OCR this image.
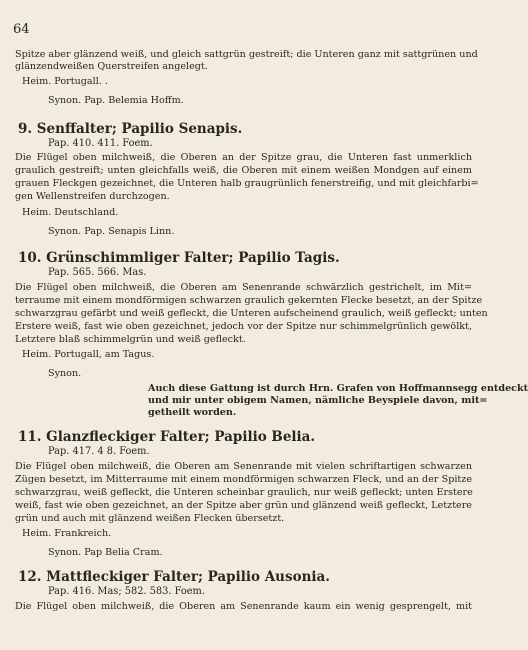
64
Spitze aber glänzend weiß, und gleich sattgrün gestreift; die Unteren ganz mit sattgrünen und
glänzendweißen Querstreifen angelegt.
Heim. Portugall. .
Synon. Pap. Belemia Hoffm.
9. Senffalter; Papilio Senapis.
Pap. 410. 411. Foem.
Die Flügel oben milchweiß, die Oberen an der Spitze grau, die Unteren fast unmerklich
graulich gestreift; unten gleichfalls weiß, die Oberen mit einem weißen Mondgen auf einem
grauen Fleckgen gezeichnet, die Unteren halb graugrünlich fenerstreifig, und mit gleichfarbi=
gen Wellenstreifen durchzogen.
Heim. Deutschland.
Synon. Pap. Senapis Linn.
10. Grünschimmliger Falter; Papilio Tagis.
Pap. 565. 566. Mas.
Die Flügel oben milchweiß, die Oberen am Senenrande schwärzlich gestrichelt, im Mit=
terraume mit einem mondförmigen schwarzen graulich gekernten Flecke besetzt, an der Spitze
schwarzgrau gefärbt und weiß gefleckt, die Unteren aufscheinend graulich, weiß gefleckt; unten
Erstere weiß, fast wie oben gezeichnet, jedoch vor der Spitze nur schimmelgrünlich gewölkt,
Letztere blaß schimmelgrün und weiß gefleckt.
Heim. Portugall, am Tagus.
Synon.
Auch diese Gattung ist durch Hrn. Grafen von Hoffmannsegg entdeckt
und mir unter obigem Namen, nämliche Beyspiele davon, mit=
getheilt worden.
11. Glanzfleckiger Falter; Papilio Belia.
Pap. 417. 4 8. Foem.
Die Flügel oben milchweiß, die Oberen am Senenrande mit vielen schriftartigen schwarzen
Zügen besetzt, im Mitterraume mit einem mondförmigen schwarzen Fleck, und an der Spitze
schwarzgrau, weiß gefleckt, die Unteren scheinbar graulich, nur weiß gefleckt; unten Erstere
weiß, fast wie oben gezeichnet, an der Spitze aber grün und glänzend weiß gefleckt, Letztere
grün und auch mit glänzend weißen Flecken übersetzt.
Heim. Frankreich.
Synon. Pap Belia Cram.
12. Mattfleckiger Falter; Papilio Ausonia.
Pap. 416. Mas; 582. 583. Foem.
Die Flügel oben milchweiß, die Oberen am Senenrande kaum ein wenig gesprengelt, mit
